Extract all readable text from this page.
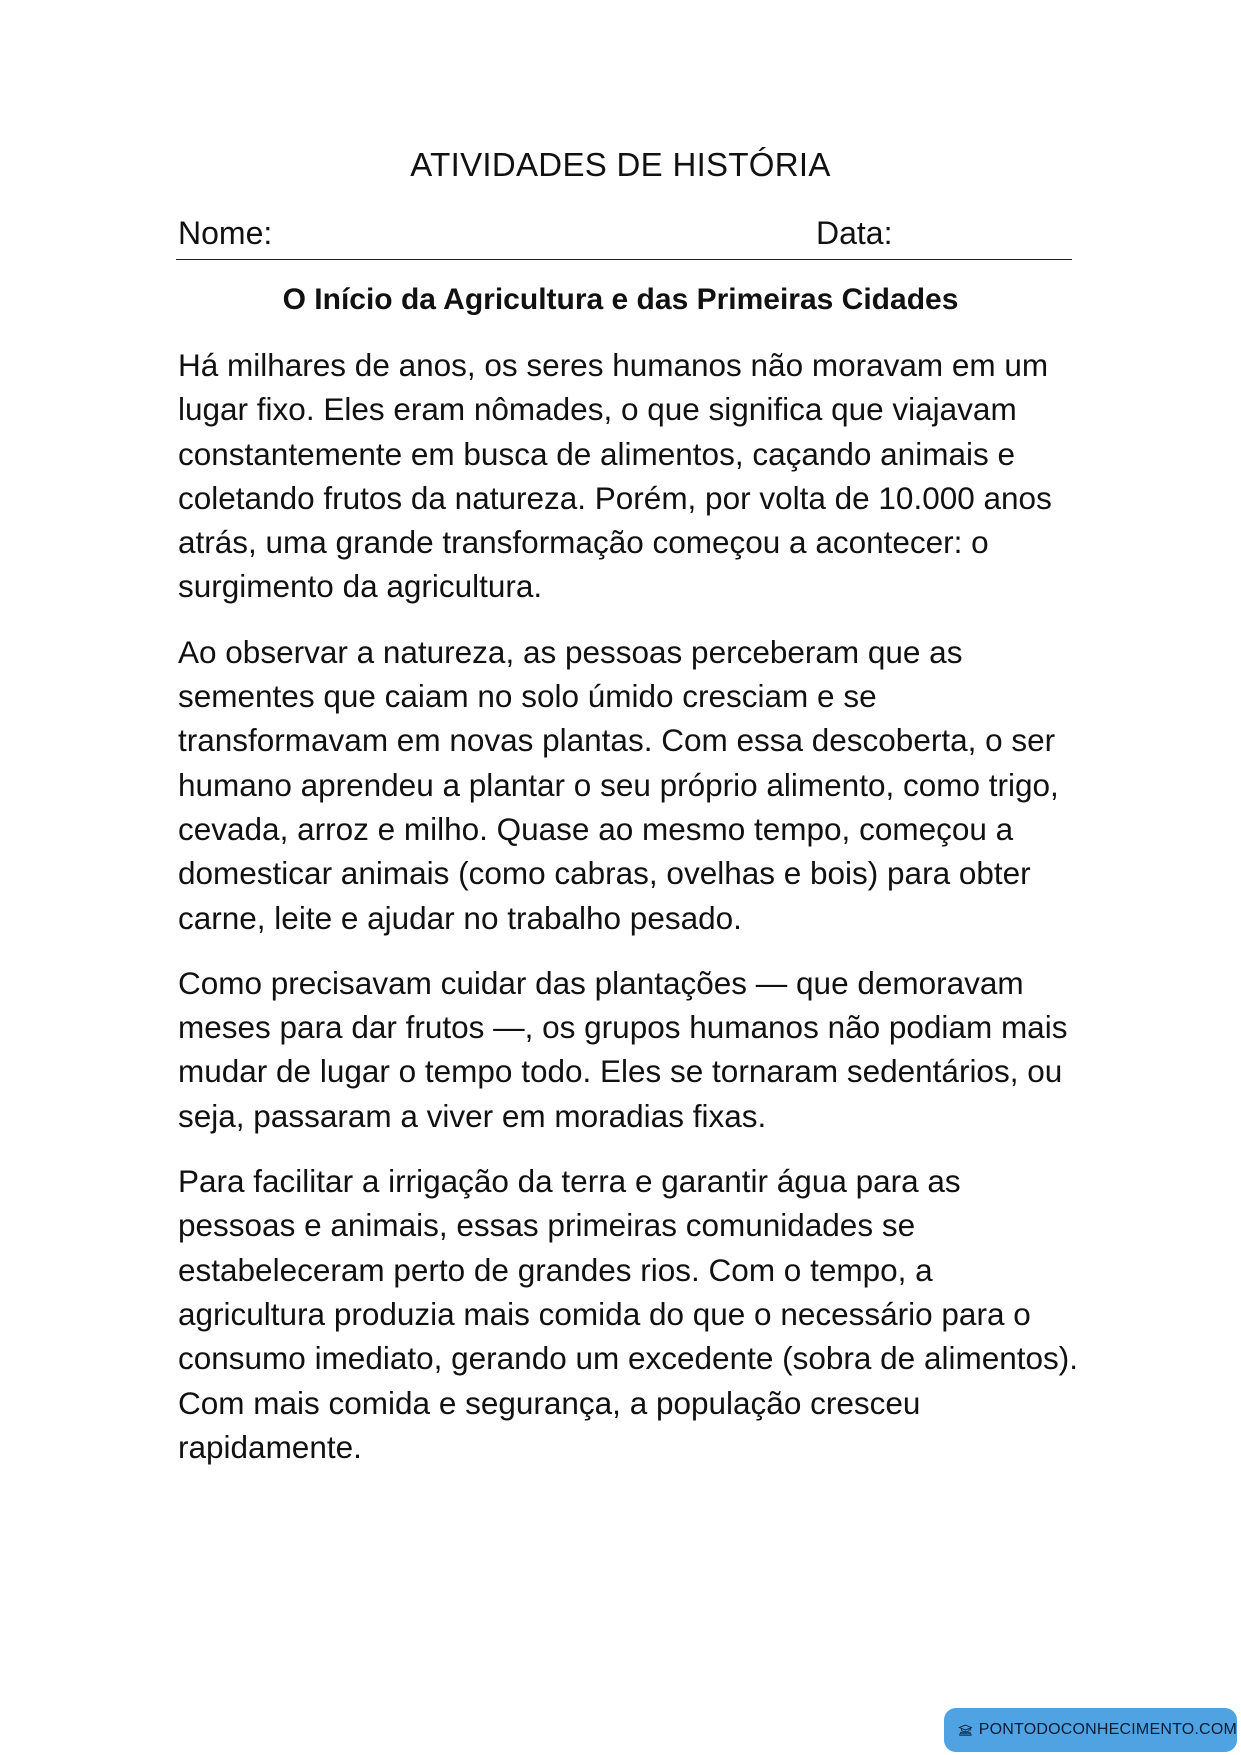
ATIVIDADES DE HISTÓRIA
Nome:	Data:
O Início da Agricultura e das Primeiras Cidades

Há milhares de anos, os seres humanos não moravam em um lugar fixo. Eles eram nômades, o que significa que viajavam constantemente em busca de alimentos, caçando animais e coletando frutos da natureza. Porém, por volta de 10.000 anos atrás, uma grande transformação começou a acontecer: o surgimento da agricultura.

Ao observar a natureza, as pessoas perceberam que as sementes que caiam no solo úmido cresciam e se transformavam em novas plantas. Com essa descoberta, o ser humano aprendeu a plantar o seu próprio alimento, como trigo, cevada, arroz e milho. Quase ao mesmo tempo, começou a domesticar animais (como cabras, ovelhas e bois) para obter carne, leite e ajudar no trabalho pesado.

Como precisavam cuidar das plantações — que demoravam meses para dar frutos —, os grupos humanos não podiam mais mudar de lugar o tempo todo. Eles se tornaram sedentários, ou seja, passaram a viver em moradias fixas.

Para facilitar a irrigação da terra e garantir água para as pessoas e animais, essas primeiras comunidades se estabeleceram perto de grandes rios. Com o tempo, a agricultura produzia mais comida do que o necessário para o consumo imediato, gerando um excedente (sobra de alimentos). Com mais comida e segurança, a população cresceu rapidamente.

PONTODOCONHECIMENTO.COM
